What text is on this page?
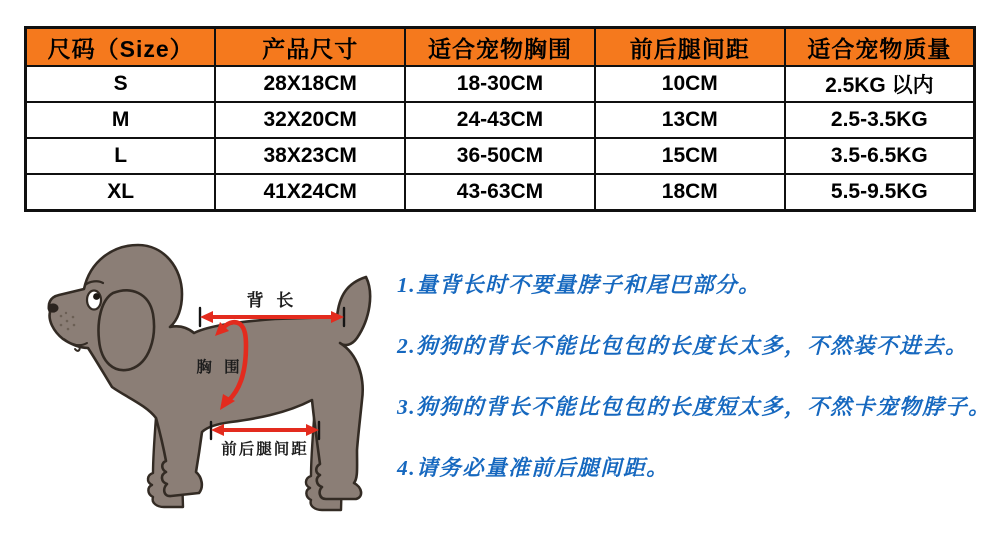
尺码（Size）	产品尺寸	适合宠物胸围	前后腿间距	适合宠物质量
S	28X18CM	18-30CM	10CM	2.5KG 以内
M	32X20CM	24-43CM	13CM	2.5-3.5KG
L	38X23CM	36-50CM	15CM	3.5-6.5KG
XL	41X24CM	43-63CM	18CM	5.5-9.5KG
背 长
胸 围
前后腿间距

1.量背长时不要量脖子和尾巴部分。

2.狗狗的背长不能比包包的长度长太多，不然装不进去。

3.狗狗的背长不能比包包的长度短太多，不然卡宠物脖子。

4.请务必量准前后腿间距。
